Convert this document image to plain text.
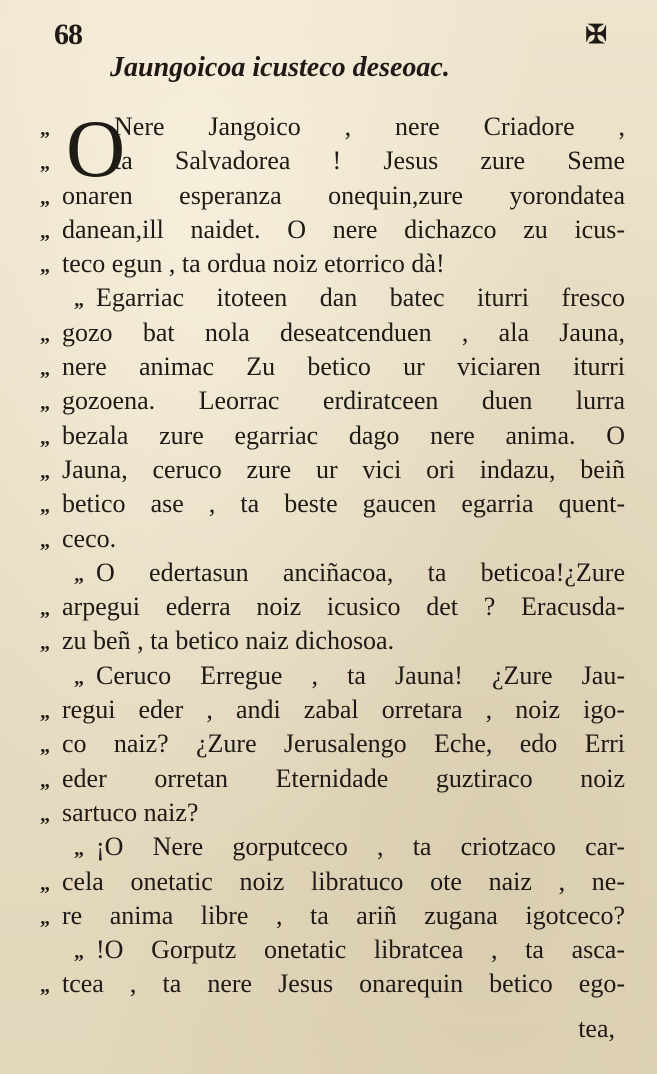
68	✠
Jaungoicoa icusteco deseoac.
O
„	Nere Jangoico , nere Criadore ,
„	ta Salvadorea ! Jesus zure Seme
„ onaren esperanza onequin,zure yorondatea
„ danean,ill naidet. O nere dichazco zu icus-
„ teco egun , ta ordua noiz etorrico dà!
„ Egarriac itoteen dan batec iturri fresco
„ gozo bat nola deseatcenduen , ala Jauna,
„ nere animac Zu betico ur viciaren iturri
„ gozoena. Leorrac erdiratceen duen lurra
„ bezala zure egarriac dago nere anima. O
„ Jauna, ceruco zure ur vici ori indazu, beiñ
„ betico ase , ta beste gaucen egarria quent-
„ ceco.
„ O edertasun anciñacoa, ta beticoa!¿Zure
„ arpegui ederra noiz icusico det ? Eracusda-
„ zu beñ , ta betico naiz dichosoa.
„ Ceruco Erregue , ta Jauna! ¿Zure Jau-
„ regui eder , andi zabal orretara , noiz igo-
„ co naiz? ¿Zure Jerusalengo Eche, edo Erri
„ eder orretan Eternidade guztiraco noiz
„ sartuco naiz?
„ ¡O Nere gorputceco , ta criotzaco car-
„ cela onetatic noiz libratuco ote naiz , ne-
„ re anima libre , ta ariñ zugana igotceco?
„ !O Gorputz onetatic libratcea , ta asca-
„ tcea , ta nere Jesus onarequin betico ego-
tea,
